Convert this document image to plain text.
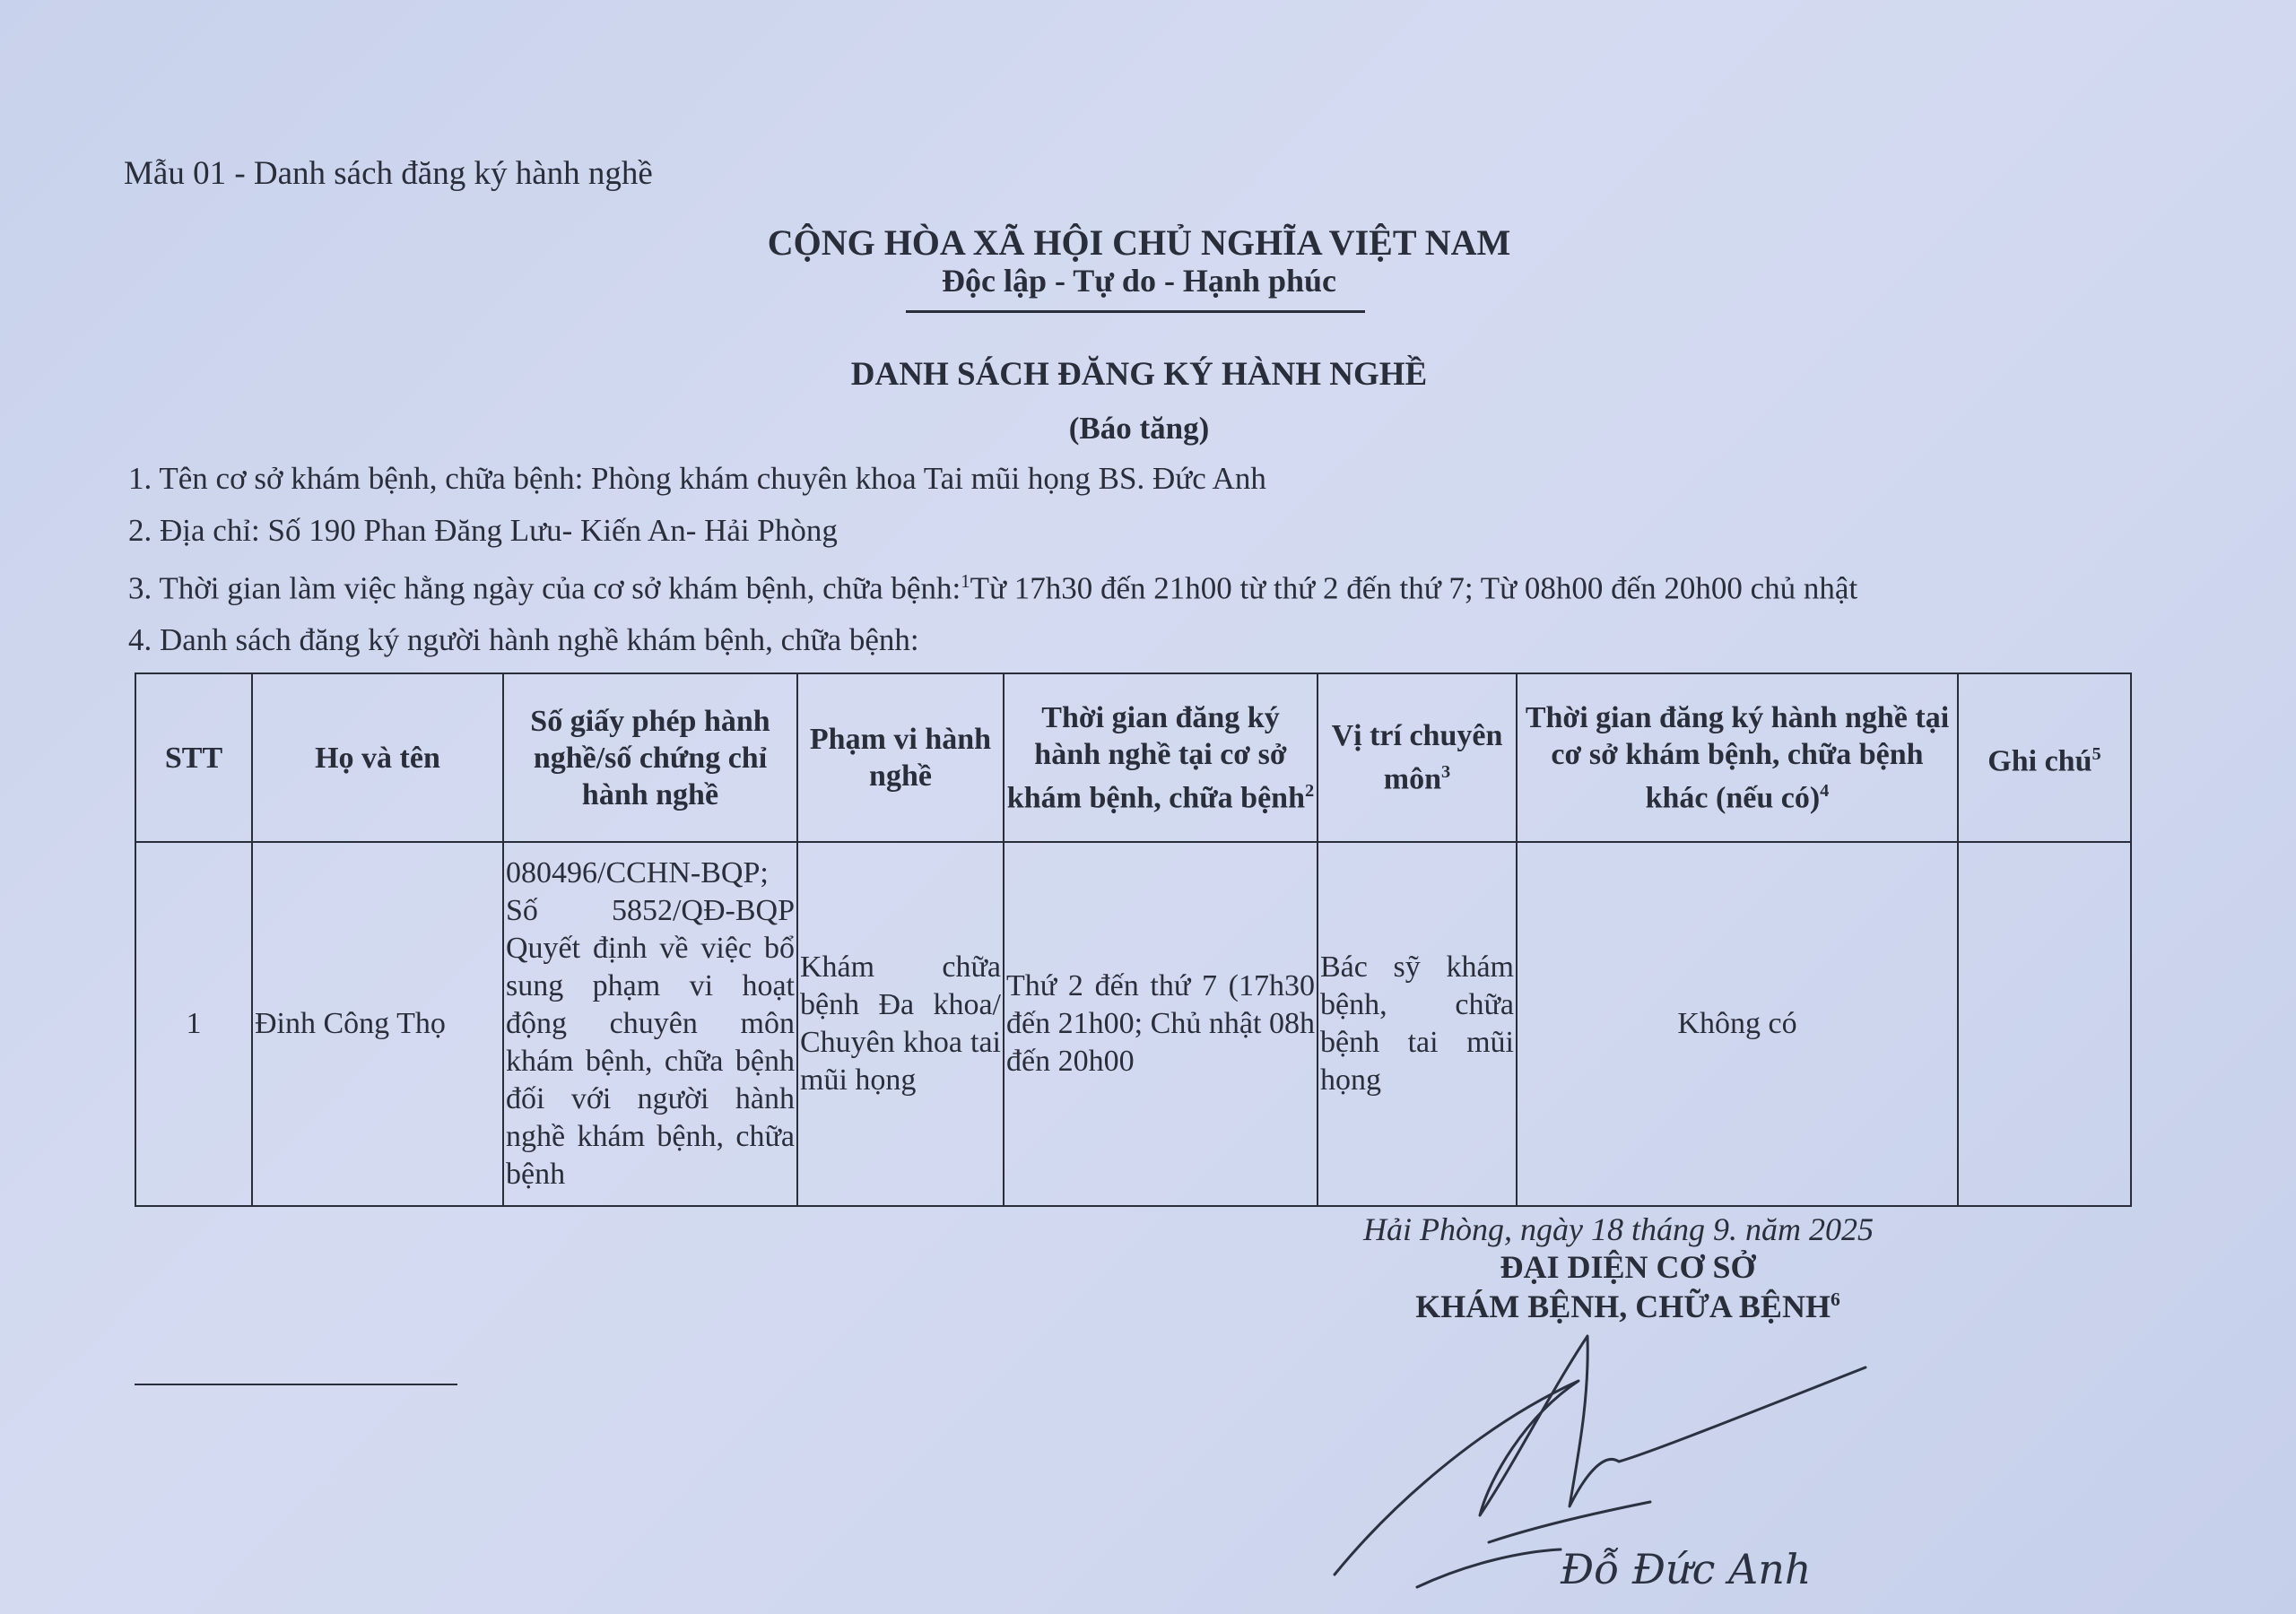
Mẫu 01 - Danh sách đăng ký hành nghề
CỘNG HÒA XÃ HỘI CHỦ NGHĨA VIỆT NAM
Độc lập - Tự do - Hạnh phúc
DANH SÁCH ĐĂNG KÝ HÀNH NGHỀ
(Báo tăng)
1. Tên cơ sở khám bệnh, chữa bệnh: Phòng khám chuyên khoa Tai mũi họng BS. Đức Anh
2. Địa chỉ: Số 190 Phan Đăng Lưu- Kiến An- Hải Phòng
3. Thời gian làm việc hằng ngày của cơ sở khám bệnh, chữa bệnh:$^1$Từ 17h30 đến 21h00 từ thứ 2 đến thứ 7; Từ 08h00 đến 20h00 chủ nhật
4. Danh sách đăng ký người hành nghề khám bệnh, chữa bệnh:
STT	Họ và tên	Số giấy phép hành nghề/số chứng chỉ hành nghề	Phạm vi hành nghề	Thời gian đăng ký hành nghề tại cơ sở khám bệnh, chữa bệnh$^2$	Vị trí chuyên môn$^3$	Thời gian đăng ký hành nghề tại cơ sở khám bệnh, chữa bệnh khác (nếu có)$^4$	Ghi chú$^5$
1	Đinh Công Thọ	080496/CCHN-BQP; Số 5852/QĐ-BQP Quyết định về việc bổ sung phạm vi hoạt động chuyên môn khám bệnh, chữa bệnh đối với người hành nghề khám bệnh, chữa bệnh	Khám chữa bệnh Đa khoa/ Chuyên khoa tai mũi họng	Thứ 2 đến thứ 7 (17h30 đến 21h00; Chủ nhật 08h đến 20h00	Bác sỹ khám bệnh, chữa bệnh tai mũi họng	Không có	
Hải Phòng, ngày 18 tháng 9. năm 2025
ĐẠI DIỆN CƠ SỞ
KHÁM BỆNH, CHỮA BỆNH$^6$
Đỗ Đức Anh
